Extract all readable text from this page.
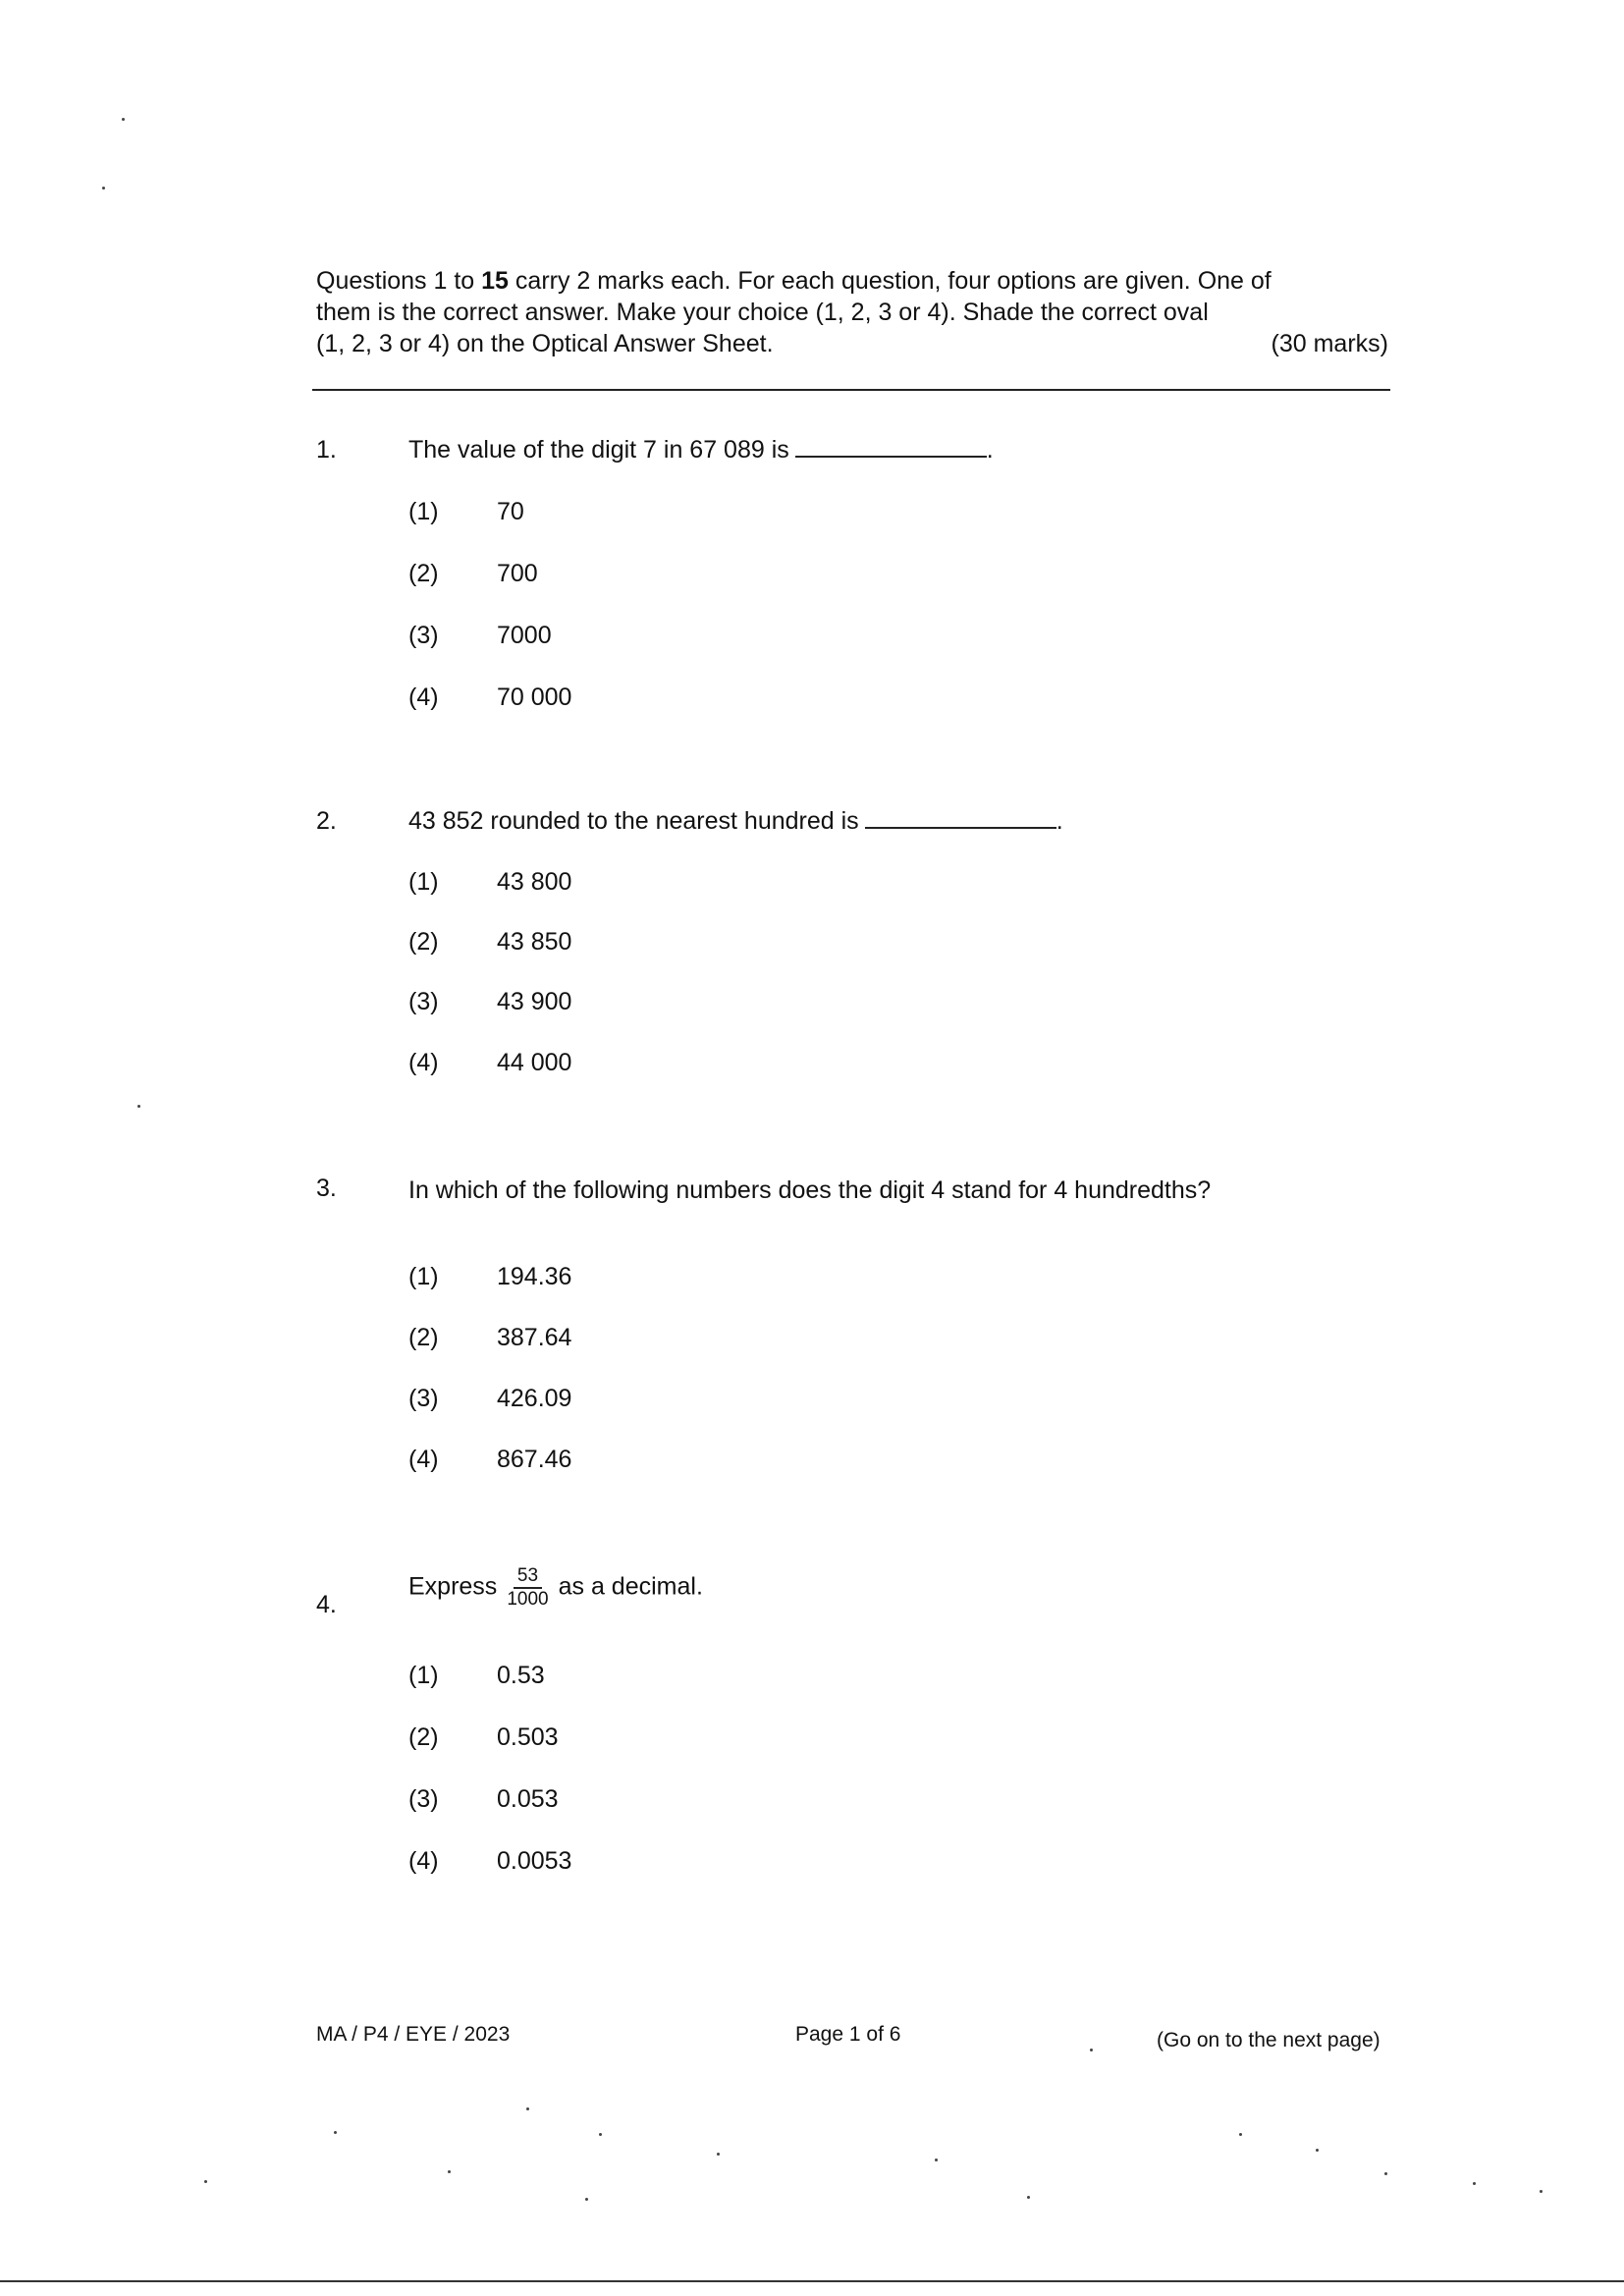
Questions 1 to 15 carry 2 marks each. For each question, four options are given. One of
them is the correct answer. Make your choice (1, 2, 3 or 4). Shade the correct oval
(1, 2, 3 or 4) on the Optical Answer Sheet.	(30 marks)
1.	The value of the digit 7 in 67 089 is	.
(1) 70
(2) 700
(3) 7000
(4) 70 000
2.	43 852 rounded to the nearest hundred is	.
(1) 43 800
(2) 43 850
(3) 43 900
(4) 44 000
3.	In which of the following numbers does the digit 4 stand for 4 hundredths?
(1) 194.36
(2) 387.64
(3) 426.09
(4) 867.46
4.
Express $\frac{53}{1000}$ as a decimal.
(1) 0.53
(2) 0.503
(3) 0.053
(4) 0.0053
MA / P4 / EYE / 2023	Page 1 of 6	(Go on to the next page)
